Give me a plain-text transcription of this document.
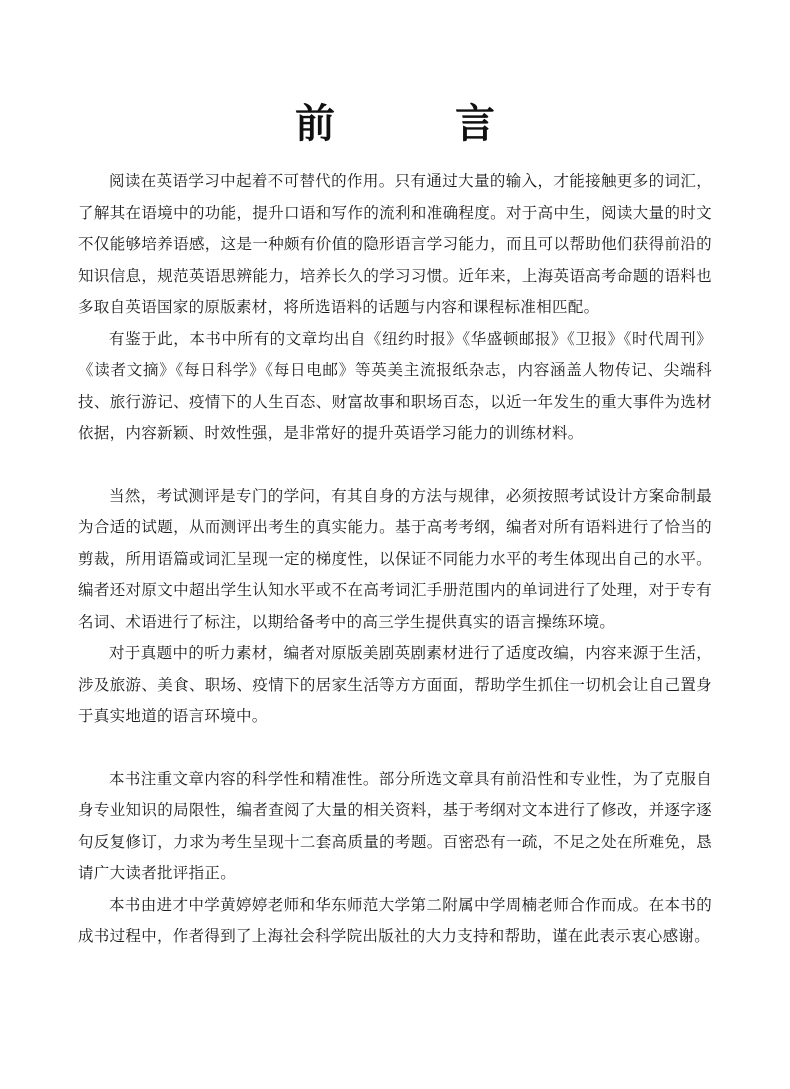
前　言

阅读在英语学习中起着不可替代的作用。只有通过大量的输入，才能接触更多的词汇，了解其在语境中的功能，提升口语和写作的流利和准确程度。对于高中生，阅读大量的时文不仅能够培养语感，这是一种颇有价值的隐形语言学习能力，而且可以帮助他们获得前沿的知识信息，规范英语思辨能力，培养长久的学习习惯。近年来，上海英语高考命题的语料也多取自英语国家的原版素材，将所选语料的话题与内容和课程标准相匹配。

有鉴于此，本书中所有的文章均出自《纽约时报》《华盛顿邮报》《卫报》《时代周刊》《读者文摘》《每日科学》《每日电邮》等英美主流报纸杂志，内容涵盖人物传记、尖端科技、旅行游记、疫情下的人生百态、财富故事和职场百态，以近一年发生的重大事件为选材依据，内容新颖、时效性强，是非常好的提升英语学习能力的训练材料。

当然，考试测评是专门的学问，有其自身的方法与规律，必须按照考试设计方案命制最为合适的试题，从而测评出考生的真实能力。基于高考考纲，编者对所有语料进行了恰当的剪裁，所用语篇或词汇呈现一定的梯度性，以保证不同能力水平的考生体现出自己的水平。编者还对原文中超出学生认知水平或不在高考词汇手册范围内的单词进行了处理，对于专有名词、术语进行了标注，以期给备考中的高三学生提供真实的语言操练环境。

对于真题中的听力素材，编者对原版美剧英剧素材进行了适度改编，内容来源于生活，涉及旅游、美食、职场、疫情下的居家生活等方方面面，帮助学生抓住一切机会让自己置身于真实地道的语言环境中。

本书注重文章内容的科学性和精准性。部分所选文章具有前沿性和专业性，为了克服自身专业知识的局限性，编者查阅了大量的相关资料，基于考纲对文本进行了修改，并逐字逐句反复修订，力求为考生呈现十二套高质量的考题。百密恐有一疏，不足之处在所难免，恳请广大读者批评指正。

本书由进才中学黄婷婷老师和华东师范大学第二附属中学周楠老师合作而成。在本书的成书过程中，作者得到了上海社会科学院出版社的大力支持和帮助，谨在此表示衷心感谢。
